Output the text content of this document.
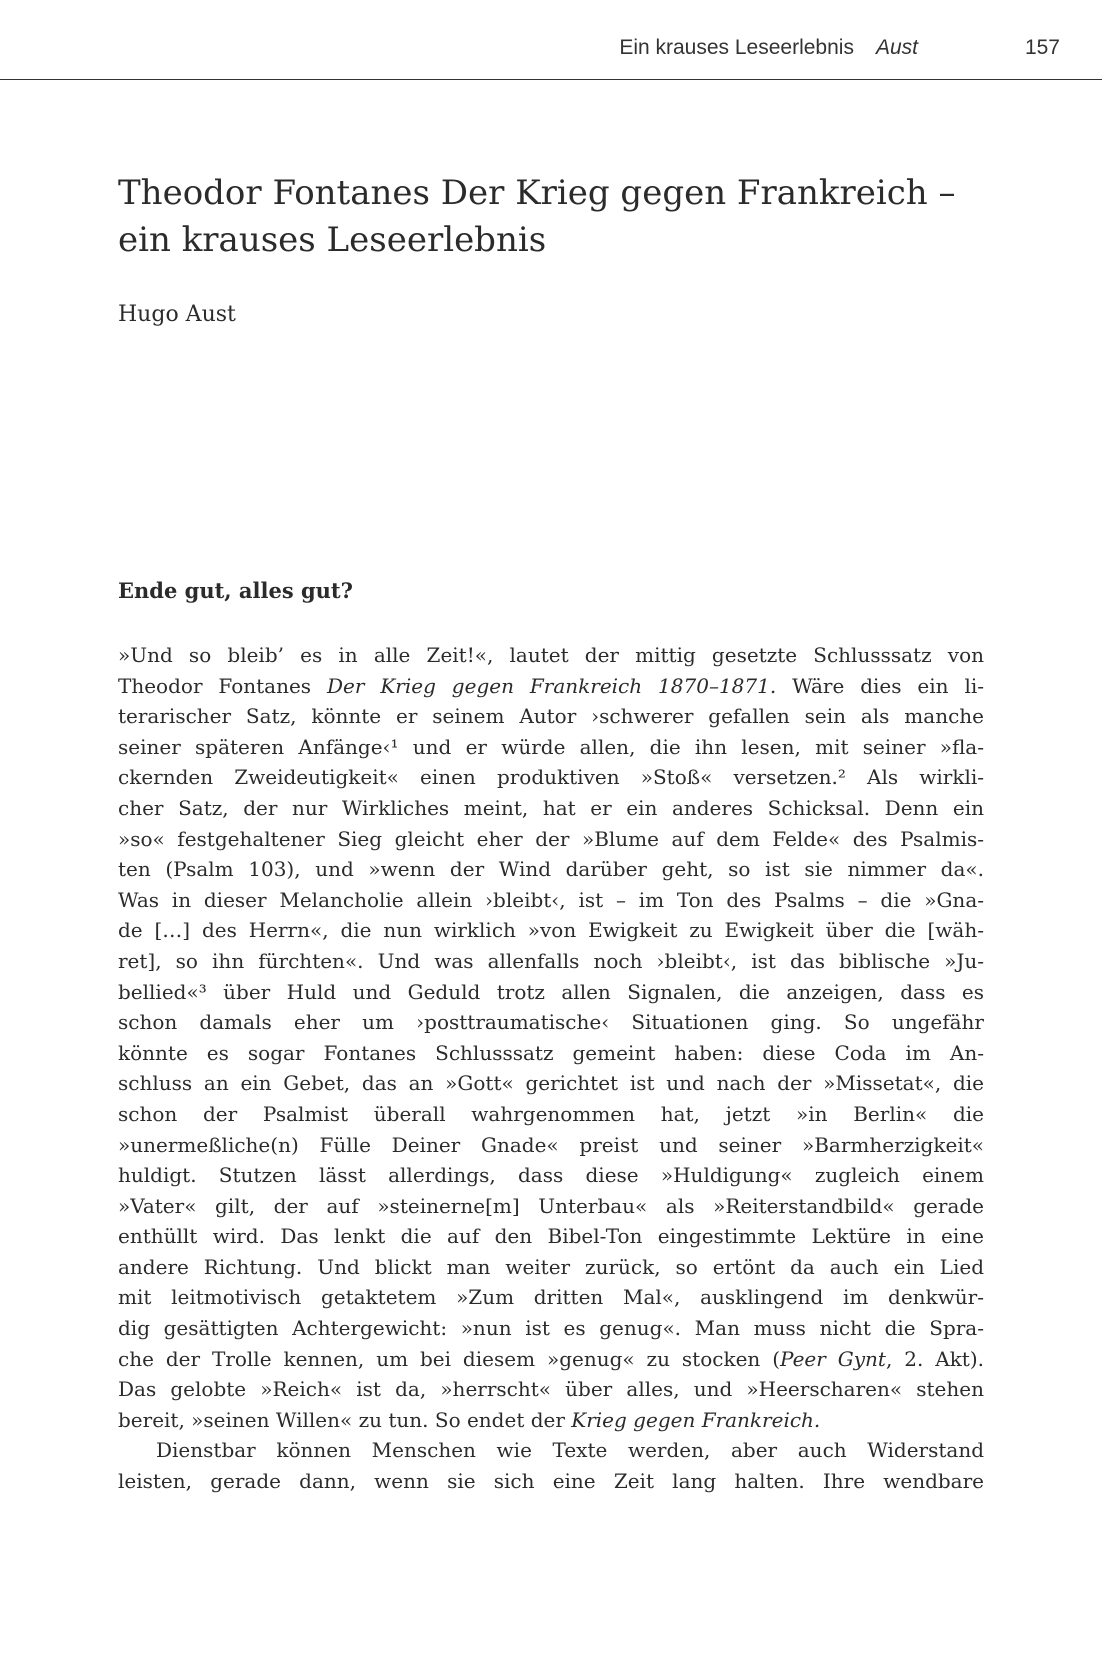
Ein krauses Leseerlebnis Aust	157
Theodor Fontanes Der Krieg gegen Frankreich –
ein krauses Leseerlebnis
Hugo Aust
Ende gut, alles gut?
»Und so bleib’ es in alle Zeit!«, lautet der mittig gesetzte Schlusssatz von
Theodor Fontanes Der Krieg gegen Frankreich 1870–1871. Wäre dies ein li-
terarischer Satz, könnte er seinem Autor ›schwerer gefallen sein als manche
seiner späteren Anfänge‹¹ und er würde allen, die ihn lesen, mit seiner »fla-
ckernden Zweideutigkeit« einen produktiven »Stoß« versetzen.² Als wirkli-
cher Satz, der nur Wirkliches meint, hat er ein anderes Schicksal. Denn ein
»so« festgehaltener Sieg gleicht eher der »Blume auf dem Felde« des Psalmis-
ten (Psalm 103), und »wenn der Wind darüber geht, so ist sie nimmer da«.
Was in dieser Melancholie allein ›bleibt‹, ist – im Ton des Psalms – die »Gna-
de […] des Herrn«, die nun wirklich »von Ewigkeit zu Ewigkeit über die [wäh-
ret], so ihn fürchten«. Und was allenfalls noch ›bleibt‹, ist das biblische »Ju-
bellied«³ über Huld und Geduld trotz allen Signalen, die anzeigen, dass es
schon damals eher um ›posttraumatische‹ Situationen ging. So ungefähr
könnte es sogar Fontanes Schlusssatz gemeint haben: diese Coda im An-
schluss an ein Gebet, das an »Gott« gerichtet ist und nach der »Missetat«, die
schon der Psalmist überall wahrgenommen hat, jetzt »in Berlin« die
»unermeßliche(n) Fülle Deiner Gnade« preist und seiner »Barmherzigkeit«
huldigt. Stutzen lässt allerdings, dass diese »Huldigung« zugleich einem
»Vater« gilt, der auf »steinerne[m] Unterbau« als »Reiterstandbild« gerade
enthüllt wird. Das lenkt die auf den Bibel-Ton eingestimmte Lektüre in eine
andere Richtung. Und blickt man weiter zurück, so ertönt da auch ein Lied
mit leitmotivisch getaktetem »Zum dritten Mal«, ausklingend im denkwür-
dig gesättigten Achtergewicht: »nun ist es genug«. Man muss nicht die Spra-
che der Trolle kennen, um bei diesem »genug« zu stocken (Peer Gynt, 2. Akt).
Das gelobte »Reich« ist da, »herrscht« über alles, und »Heerscharen« stehen
bereit, »seinen Willen« zu tun. So endet der Krieg gegen Frankreich.
Dienstbar können Menschen wie Texte werden, aber auch Widerstand
leisten, gerade dann, wenn sie sich eine Zeit lang halten. Ihre wendbare
